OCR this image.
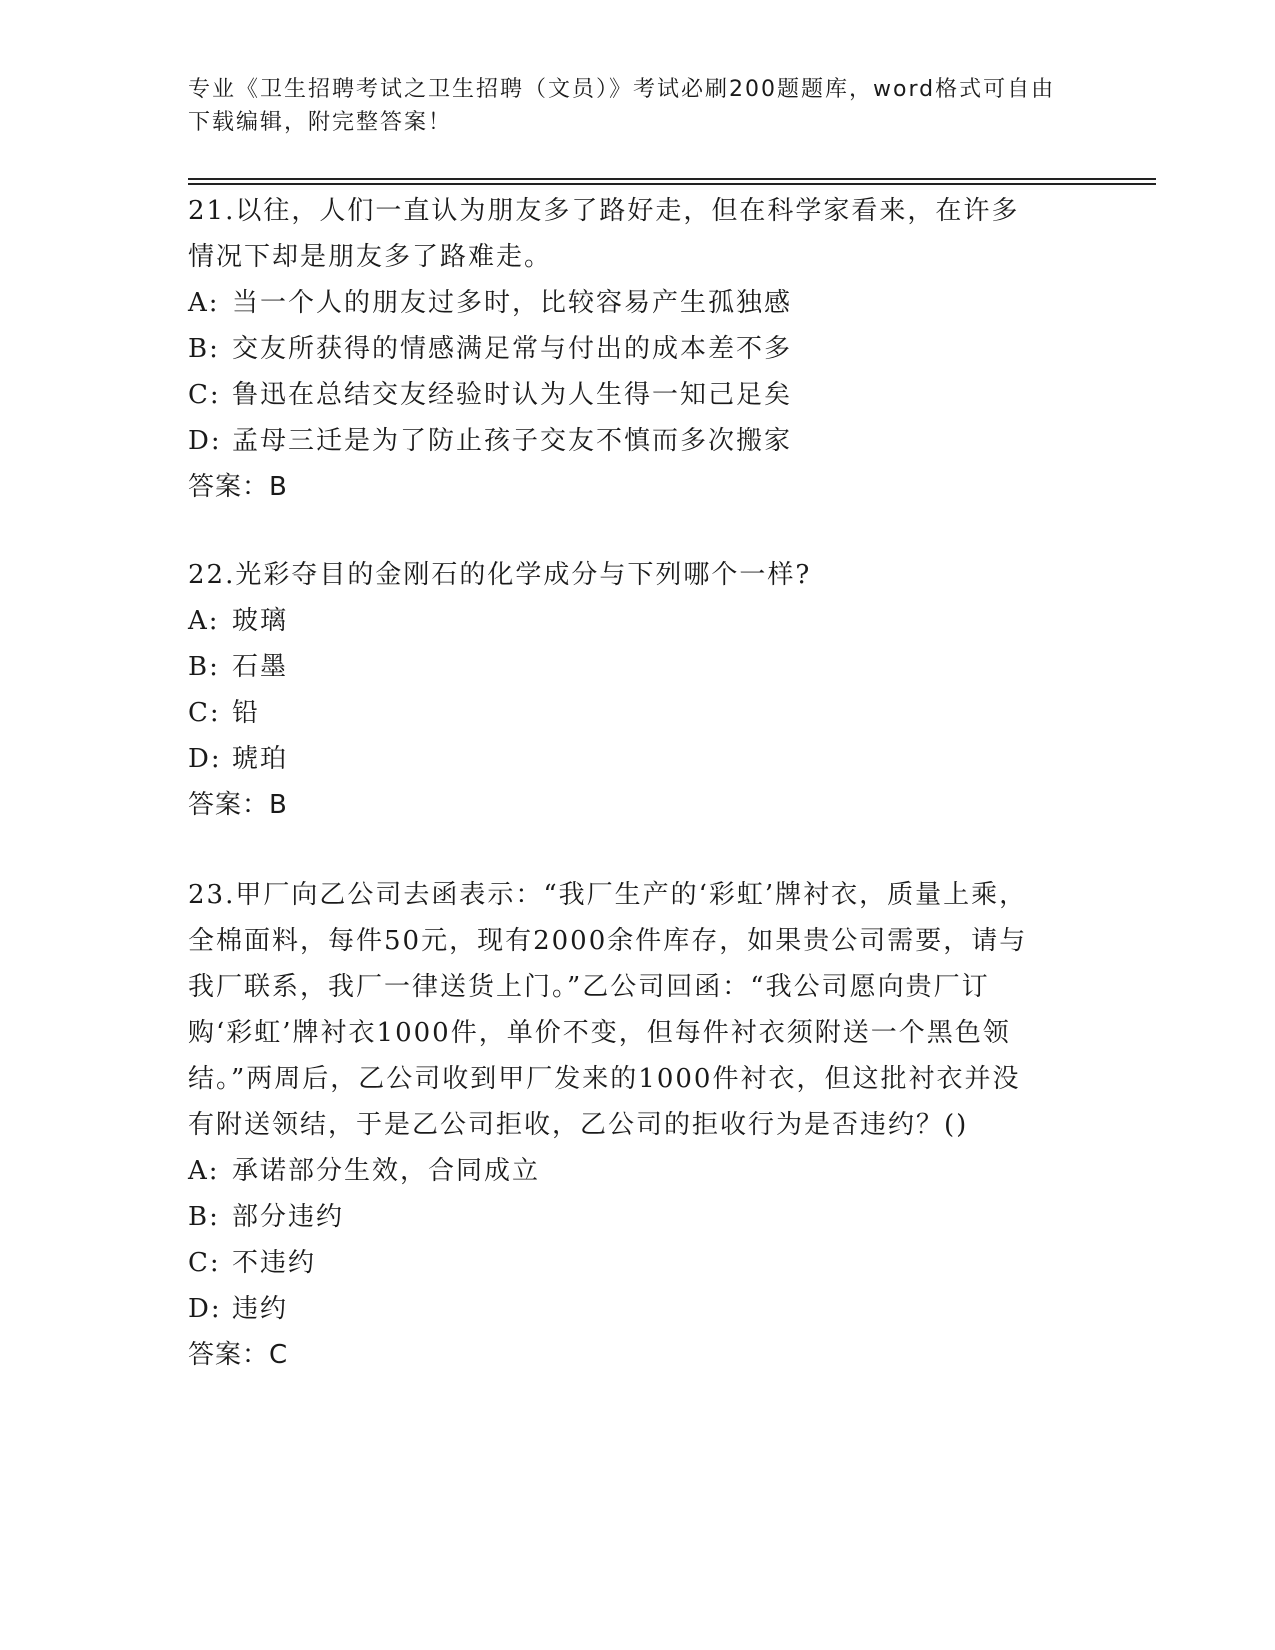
专业《卫生招聘考试之卫生招聘（文员）》考试必刷200题题库，word格式可自由下载编辑，附完整答案！

21.以往，人们一直认为朋友多了路好走，但在科学家看来，在许多情况下却是朋友多了路难走。

A: 当一个人的朋友过多时，比较容易产生孤独感

B: 交友所获得的情感满足常与付出的成本差不多

C: 鲁迅在总结交友经验时认为人生得一知己足矣

D: 孟母三迁是为了防止孩子交友不慎而多次搬家

答案：B

22.光彩夺目的金刚石的化学成分与下列哪个一样?

A: 玻璃

B: 石墨

C: 铅

D: 琥珀

答案：B

23.甲厂向乙公司去函表示：“我厂生产的‘彩虹’牌衬衣，质量上乘，全棉面料，每件50元，现有2000余件库存，如果贵公司需要，请与我厂联系，我厂一律送货上门。”乙公司回函：“我公司愿向贵厂订购‘彩虹’牌衬衣1000件，单价不变，但每件衬衣须附送一个黑色领结。”两周后，乙公司收到甲厂发来的1000件衬衣，但这批衬衣并没有附送领结，于是乙公司拒收，乙公司的拒收行为是否违约？()

A: 承诺部分生效，合同成立

B: 部分违约

C: 不违约

D: 违约

答案：C
